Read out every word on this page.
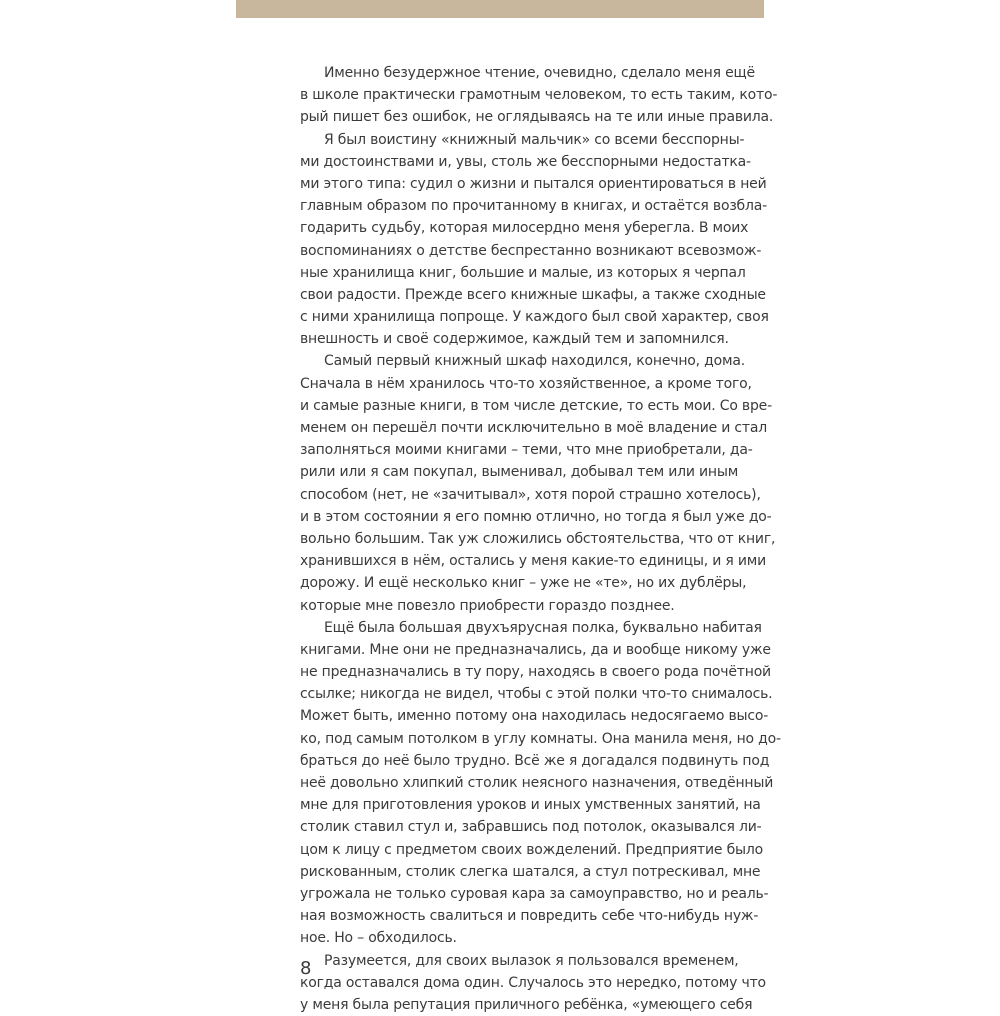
Именно безудержное чтение, очевидно, сделало меня ещё
в школе практически грамотным человеком, то есть таким, кото-
рый пишет без ошибок, не оглядываясь на те или иные правила.
Я был воистину «книжный мальчик» со всеми бесспорны-
ми достоинствами и, увы, столь же бесспорными недостатка-
ми этого типа: судил о жизни и пытался ориентироваться в ней
главным образом по прочитанному в книгах, и остаётся возбла-
годарить судьбу, которая милосердно меня уберегла. В моих
воспоминаниях о детстве беспрестанно возникают всевозмож-
ные хранилища книг, большие и малые, из которых я черпал
свои радости. Прежде всего книжные шкафы, а также сходные
с ними хранилища попроще. У каждого был свой характер, своя
внешность и своё содержимое, каждый тем и запомнился.
Самый первый книжный шкаф находился, конечно, дома.
Сначала в нём хранилось что-то хозяйственное, а кроме того,
и самые разные книги, в том числе детские, то есть мои. Со вре-
менем он перешёл почти исключительно в моё владение и стал
заполняться моими книгами – теми, что мне приобретали, да-
рили или я сам покупал, выменивал, добывал тем или иным
способом (нет, не «зачитывал», хотя порой страшно хотелось),
и в этом состоянии я его помню отлично, но тогда я был уже до-
вольно большим. Так уж сложились обстоятельства, что от книг,
хранившихся в нём, остались у меня какие-то единицы, и я ими
дорожу. И ещё несколько книг – уже не «те», но их дублёры,
которые мне повезло приобрести гораздо позднее.
Ещё была большая двухъярусная полка, буквально набитая
книгами. Мне они не предназначались, да и вообще никому уже
не предназначались в ту пору, находясь в своего рода почётной
ссылке; никогда не видел, чтобы с этой полки что-то снималось.
Может быть, именно потому она находилась недосягаемо высо-
ко, под самым потолком в углу комнаты. Она манила меня, но до-
браться до неё было трудно. Всё же я догадался подвинуть под
неё довольно хлипкий столик неясного назначения, отведённый
мне для приготовления уроков и иных умственных занятий, на
столик ставил стул и, забравшись под потолок, оказывался ли-
цом к лицу с предметом своих вожделений. Предприятие было
рискованным, столик слегка шатался, а стул потрескивал, мне
угрожала не только суровая кара за самоуправство, но и реаль-
ная возможность свалиться и повредить себе что-нибудь нуж-
ное. Но – обходилось.
Разумеется, для своих вылазок я пользовался временем,
когда оставался дома один. Случалось это нередко, потому что
у меня была репутация приличного ребёнка, «умеющего себя
8
